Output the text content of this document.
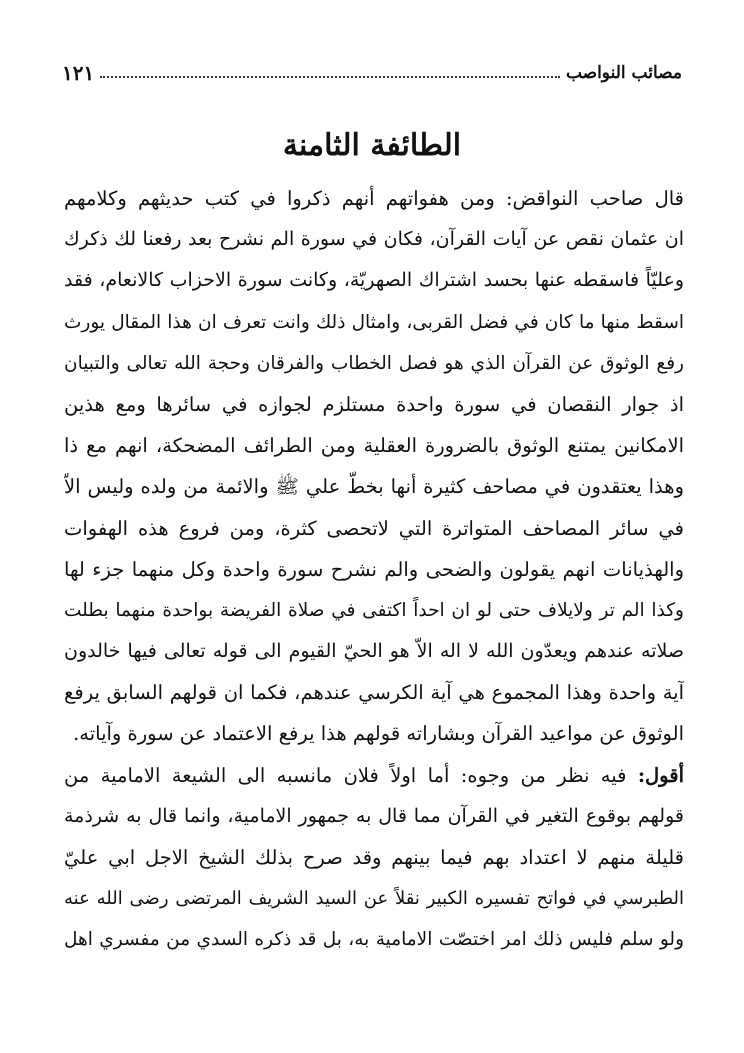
١٢١	مصائب النواصب
الطائفة الثامنة
قال صاحب النواقض: ومن هفواتهم أنهم ذكروا في كتب حديثهم وكلامهم
ان عثمان نقص عن آيات القرآن، فكان في سورة الم نشرح بعد رفعنا لك ذكرك
وعليّاً فاسقطه عنها بحسد اشتراك الصهريّة، وكانت سورة الاحزاب كالانعام، فقد
اسقط منها ما كان في فضل القربى، وامثال ذلك وانت تعرف ان هذا المقال يورث
رفع الوثوق عن القرآن الذي هو فصل الخطاب والفرقان وحجة الله تعالى والتبيان
اذ جوار النقصان في سورة واحدة مستلزم لجوازه في سائرها ومع هذين
الامكانين يمتنع الوثوق بالضرورة العقلية ومن الطرائف المضحكة، انهم مع ذا
وهذا يعتقدون في مصاحف كثيرة أنها بخطّ علي ﷺ والائمة من ولده وليس الاّ
في سائر المصاحف المتواترة التي لاتحصى كثرة، ومن فروع هذه الهفوات
والهذيانات انهم يقولون والضحى والم نشرح سورة واحدة وكل منهما جزء لها
وكذا الم تر ولايلاف حتى لو ان احداً اكتفى في صلاة الفريضة بواحدة منهما بطلت
صلاته عندهم ويعدّون الله لا اله الاّ هو الحيّ القيوم الى قوله تعالى فيها خالدون
آية واحدة وهذا المجموع هي آية الكرسي عندهم، فكما ان قولهم السابق يرفع
الوثوق عن مواعيد القرآن وبشاراته قولهم هذا يرفع الاعتماد عن سورة وآياته.
أقول: فيه نظر من وجوه: أما اولاً فلان مانسبه الى الشيعة الامامية من
قولهم بوقوع التغير في القرآن مما قال به جمهور الامامية، وانما قال به شرذمة
قليلة منهم لا اعتداد بهم فيما بينهم وقد صرح بذلك الشيخ الاجل ابي عليّ
الطبرسي في فواتح تفسيره الكبير نقلاً عن السيد الشريف المرتضى رضى الله عنه
ولو سلم فليس ذلك امر اختصّت الامامية به، بل قد ذكره السدي من مفسري اهل
